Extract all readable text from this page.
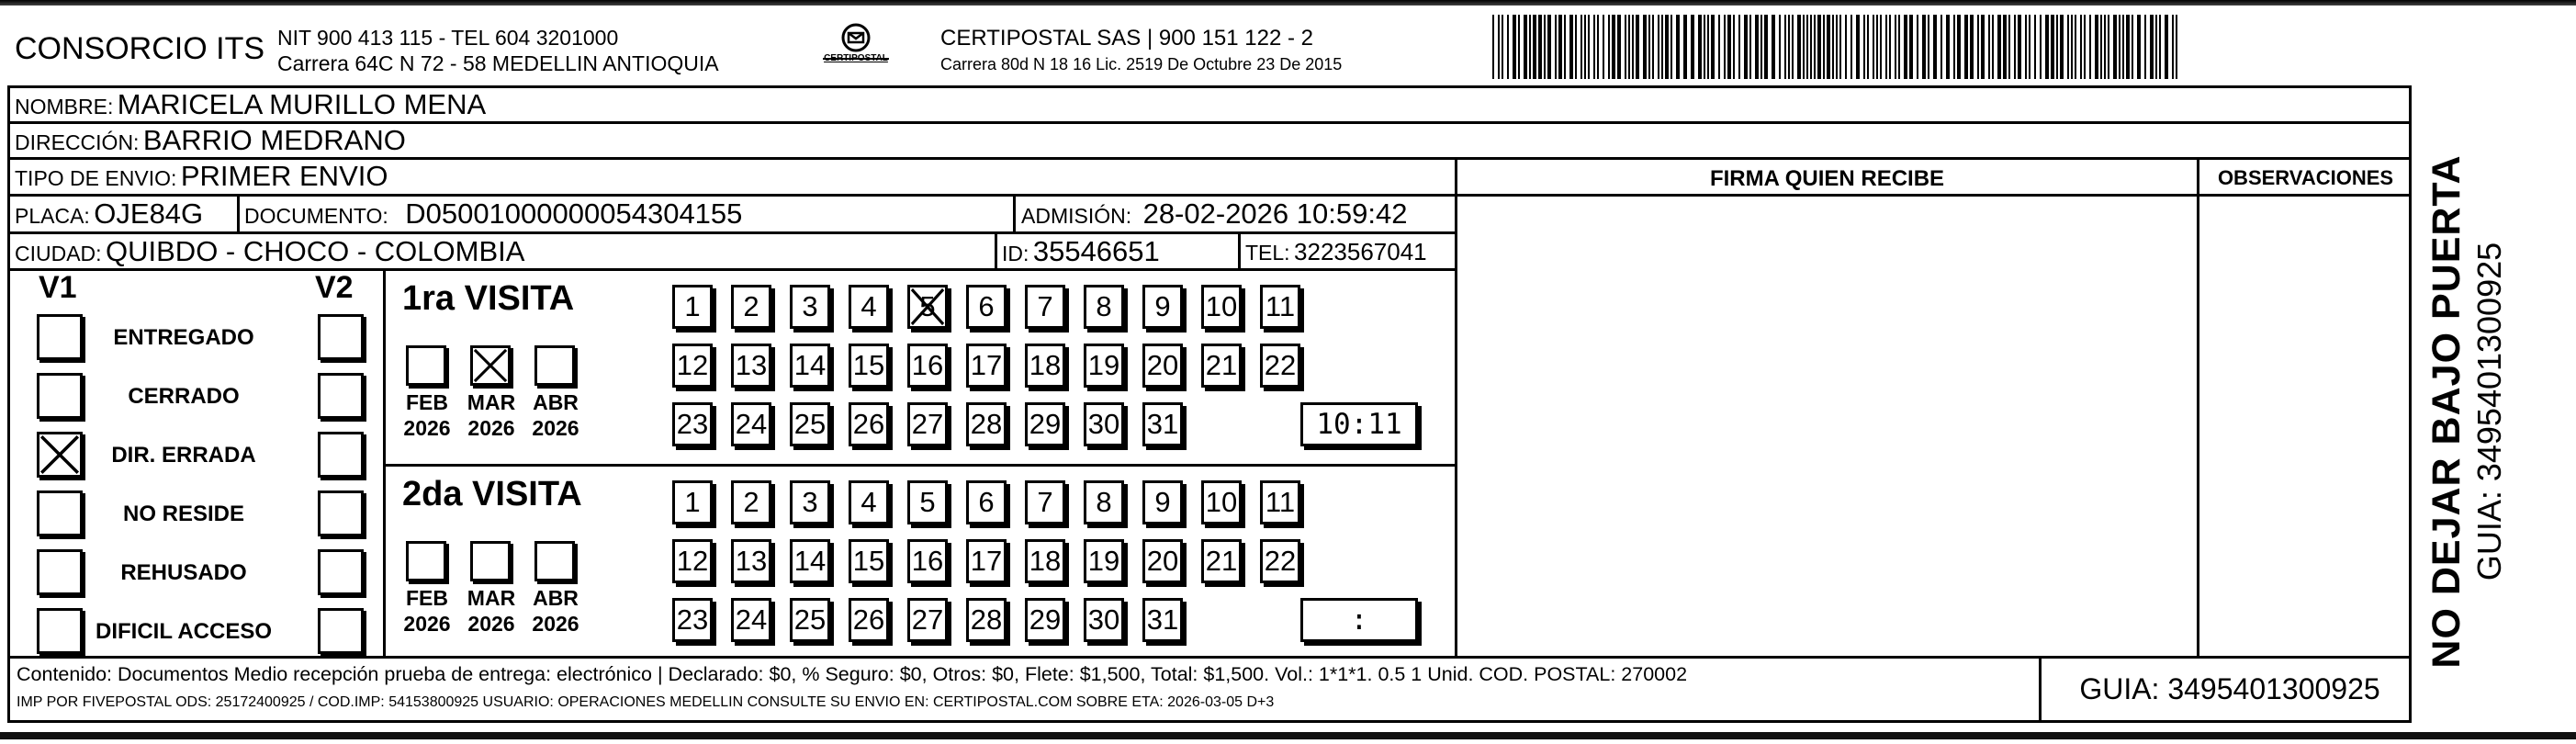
CONSORCIO ITS NIT 900 413 115 - TEL 604 3201000
Carrera 64C N 72 - 58 MEDELLIN ANTIOQUIA	CERTIPOSTAL
CERTIPOSTAL SAS | 900 151 122 - 2
Carrera 80d N 18 16 Lic. 2519 De Octubre 23 De 2015
NOMBRE: MARICELA MURILLO MENA
DIRECCIÓN: BARRIO MEDRANO
TIPO DE ENVIO: PRIMER ENVIO	FIRMA QUIEN RECIBE	OBSERVACIONES
PLACA: OJE84G DOCUMENTO: D05001000000054304155	ADMISIÓN: 28-02-2026 10:59:42
CIUDAD: QUIBDO - CHOCO - COLOMBIA	ID: 35546651	TEL: 3223567041
V1	V2
ENTREGADO
CERRADO
DIR. ERRADA
NO RESIDE
REHUSADO
DIFICIL ACCESO
1ra VISITA
FEB
2026
MAR
2026
ABR
2026
1	2	3	4	5	6	7	8	9	10 11
12 13 14 15 16 17 18 19 20 21 22
23 24 25 26 27 28 29 30 31	10:11
2da VISITA
FEB
2026
MAR
2026
ABR
2026
1	2	3	4	5	6	7	8	9	10 11
12 13 14 15 16 17 18 19 20 21 22
23 24 25 26 27 28 29 30 31	:
Contenido: Documentos Medio recepción prueba de entrega: electrónico | Declarado: $0, % Seguro: $0, Otros: $0, Flete: $1,500, Total: $1,500. Vol.: 1*1*1. 0.5 1 Unid. COD. POSTAL: 270002
IMP POR FIVEPOSTAL ODS: 25172400925 / COD.IMP: 54153800925 USUARIO: OPERACIONES MEDELLIN CONSULTE SU ENVIO EN: CERTIPOSTAL.COM SOBRE ETA: 2026-03-05 D+3	GUIA: 3495401300925
NO DEJAR BAJO PUERTA GUIA: 3495401300925
